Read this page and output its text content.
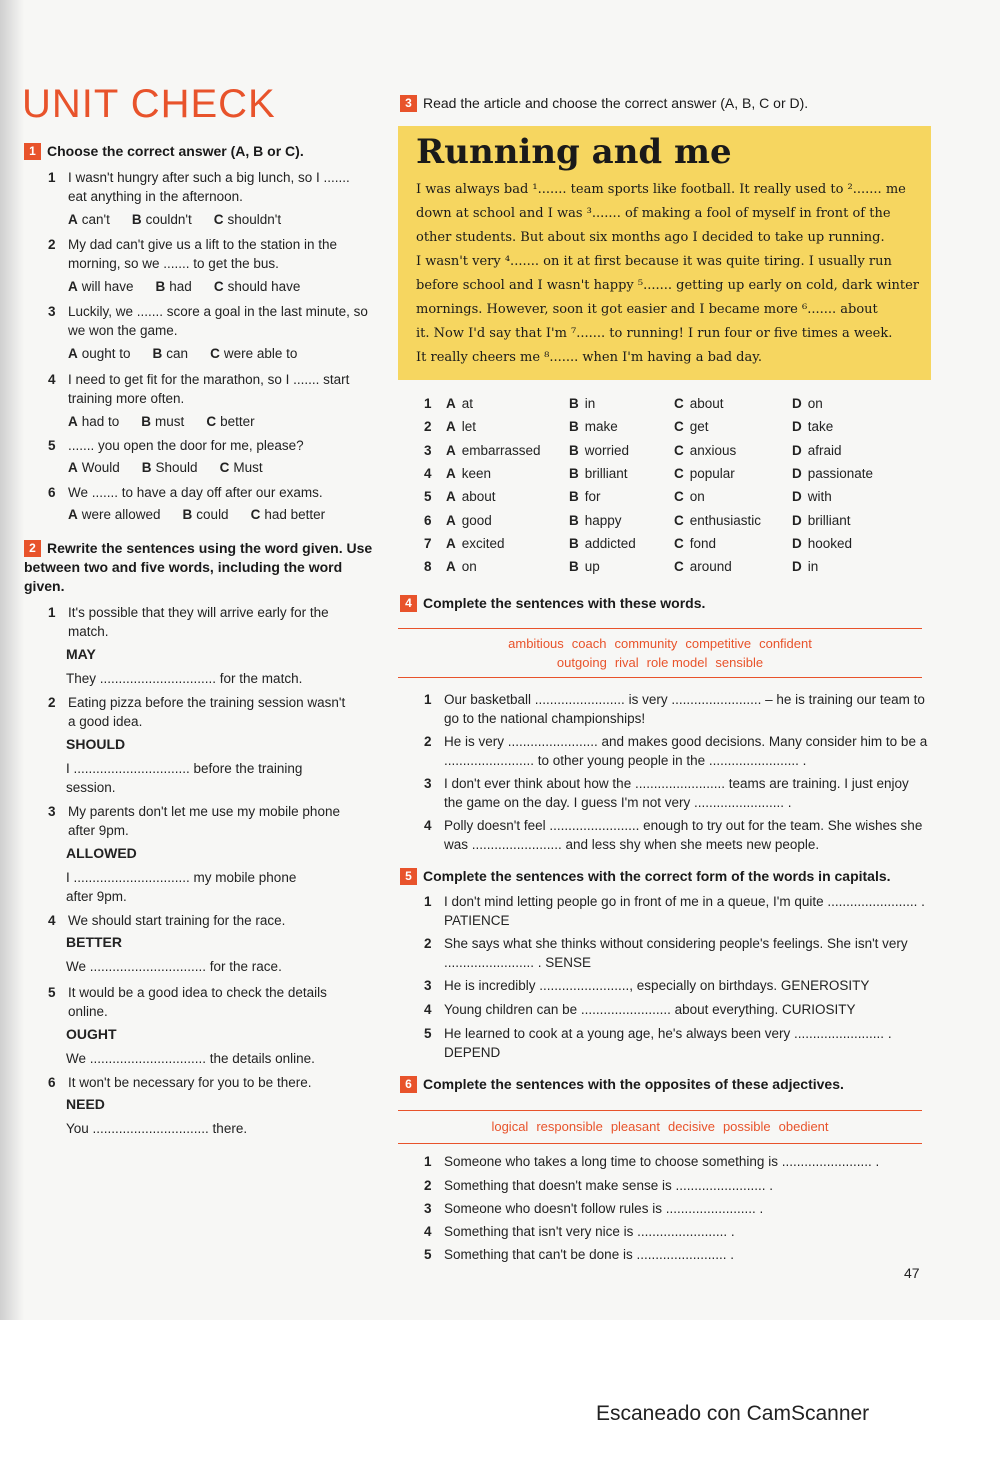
UNIT CHECK
1 Choose the correct answer (A, B or C).
1 I wasn't hungry after such a big lunch, so I ....... eat anything in the afternoon.
A can't B couldn't C shouldn't
2 My dad can't give us a lift to the station in the morning, so we ....... to get the bus.
A will have B had C should have
3 Luckily, we ....... score a goal in the last minute, so we won the game.
A ought to B can C were able to
4 I need to get fit for the marathon, so I ....... start training more often.
A had to B must C better
5 ....... you open the door for me, please?
A Would B Should C Must
6 We ....... to have a day off after our exams.
A were allowed B could C had better
2 Rewrite the sentences using the word given. Use between two and five words, including the word given.
1 It's possible that they will arrive early for the match.
MAY
They ............................... for the match.
2 Eating pizza before the training session wasn't a good idea.
SHOULD
I ............................... before the training session.
3 My parents don't let me use my mobile phone after 9pm.
ALLOWED
I ............................... my mobile phone after 9pm.
4 We should start training for the race.
BETTER
We ............................... for the race.
5 It would be a good idea to check the details online.
OUGHT
We ............................... the details online.
6 It won't be necessary for you to be there.
NEED
You ............................... there.
3 Read the article and choose the correct answer (A, B, C or D).
Running and me
I was always bad ¹....... team sports like football. It really used to ²....... me
down at school and I was ³....... of making a fool of myself in front of the
other students. But about six months ago I decided to take up running.
I wasn't very ⁴....... on it at first because it was quite tiring. I usually run
before school and I wasn't happy ⁵....... getting up early on cold, dark winter
mornings. However, soon it got easier and I became more ⁶....... about
it. Now I'd say that I'm ⁷....... to running! I run four or five times a week.
It really cheers me ⁸....... when I'm having a bad day.
1 A at	B in	C about	D on
2 A let	B make	C get	D take
3 A embarrassed B worried	C anxious	D afraid
4 A keen	B brilliant	C popular	D passionate
5 A about	B for	C on	D with
6 A good	B happy	C enthusiastic D brilliant
7 A excited	B addicted	C fond	D hooked
8 A on	B up	C around	D in
4 Complete the sentences with these words.
ambitious coach community competitive confident
outgoing rival role model sensible
1 Our basketball ........................ is very ........................ – he is training our team to go to the national championships!
2 He is very ........................ and makes good decisions. Many consider him to be a ........................ to other young people in the ........................ .
3 I don't ever think about how the ........................ teams are training. I just enjoy the game on the day. I guess I'm not very ........................ .
4 Polly doesn't feel ........................ enough to try out for the team. She wishes she was ........................ and less shy when she meets new people.
5 Complete the sentences with the correct form of the words in capitals.
1 I don't mind letting people go in front of me in a queue, I'm quite ........................ . PATIENCE
2 She says what she thinks without considering people's feelings. She isn't very ........................ . SENSE
3 He is incredibly ........................, especially on birthdays. GENEROSITY
4 Young children can be ........................ about everything. CURIOSITY
5 He learned to cook at a young age, he's always been very ........................ . DEPEND
6 Complete the sentences with the opposites of these adjectives.
logical responsible pleasant decisive possible obedient
1 Someone who takes a long time to choose something is ........................ .
2 Something that doesn't make sense is ........................ .
3 Someone who doesn't follow rules is ........................ .
4 Something that isn't very nice is ........................ .
5 Something that can't be done is ........................ .
47
Escaneado con CamScanner
